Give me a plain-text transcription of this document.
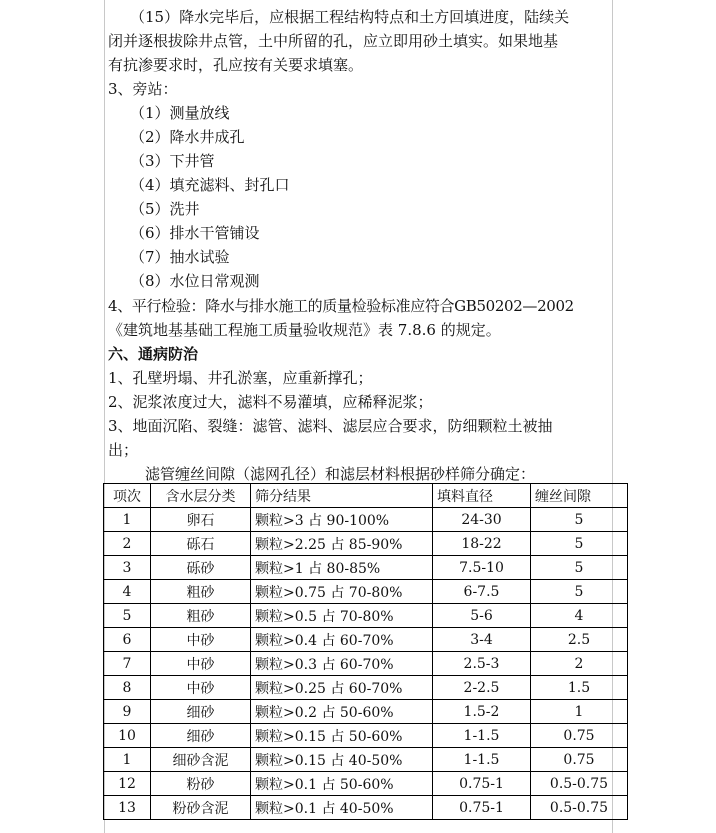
（15）降水完毕后，应根据工程结构特点和土方回填进度，陆续关
闭并逐根拔除井点管，土中所留的孔，应立即用砂土填实。如果地基
有抗渗要求时，孔应按有关要求填塞。
3、旁站：
（1）测量放线
（2）降水井成孔
（3）下井管
（4）填充滤料、封孔口
（5）洗井
（6）排水干管铺设
（7）抽水试验
（8）水位日常观测
4、平行检验：降水与排水施工的质量检验标准应符合GB50202—2002
《建筑地基基础工程施工质量验收规范》表 7.8.6 的规定。
六、通病防治
1、孔壁坍塌、井孔淤塞，应重新撑孔；
2、泥浆浓度过大，滤料不易灌填，应稀释泥浆；
3、地面沉陷、裂缝：滤管、滤料、滤层应合要求，防细颗粒土被抽
出；
滤管缠丝间隙（滤网孔径）和滤层材料根据砂样筛分确定：
项次	含水层分类	筛分结果	填料直径	缠丝间隙
1	卵石	颗粒>3 占 90-100%	24-30	5
2	砾石	颗粒>2.25 占 85-90%	18-22	5
3	砾砂	颗粒>1 占 80-85%	7.5-10	5
4	粗砂	颗粒>0.75 占 70-80%	6-7.5	5
5	粗砂	颗粒>0.5 占 70-80%	5-6	4
6	中砂	颗粒>0.4 占 60-70%	3-4	2.5
7	中砂	颗粒>0.3 占 60-70%	2.5-3	2
8	中砂	颗粒>0.25 占 60-70%	2-2.5	1.5
9	细砂	颗粒>0.2 占 50-60%	1.5-2	1
10	细砂	颗粒>0.15 占 50-60%	1-1.5	0.75
1	细砂含泥	颗粒>0.15 占 40-50%	1-1.5	0.75
12	粉砂	颗粒>0.1 占 50-60%	0.75-1	0.5-0.75
13	粉砂含泥	颗粒>0.1 占 40-50%	0.75-1	0.5-0.75
